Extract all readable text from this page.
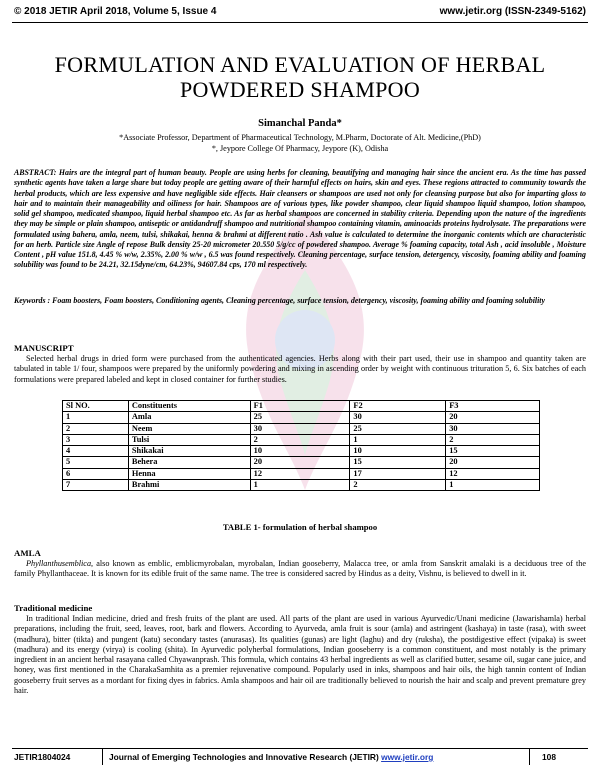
© 2018 JETIR April 2018, Volume 5, Issue 4	www.jetir.org (ISSN-2349-5162)
FORMULATION AND EVALUATION OF HERBAL
POWDERED SHAMPOO
Simanchal Panda*
*Associate Professor, Department of Pharmaceutical Technology, M.Pharm, Doctorate of Alt. Medicine,(PhD)
*, Jeypore College Of Pharmacy, Jeypore (K), Odisha
ABSTRACT: Hairs are the integral part of human beauty. People are using herbs for cleaning, beautifying and managing hair since the ancient era. As the time has passed synthetic agents have taken a large share but today people are getting aware of their harmful effects on hairs, skin and eyes. These regions attracted to community towards the herbal products, which are less expensive and have negligible side effects. Hair cleansers or shampoos are used not only for cleansing purpose but also for imparting gloss to hair and to maintain their manageability and oiliness for hair. Shampoos are of various types, like powder shampoo, clear liquid shampoo liquid shampoo, lotion shampoo, solid gel shampoo, medicated shampoo, liquid herbal shampoo etc. As far as herbal shampoos are concerned in stability criteria. Depending upon the nature of the ingredients they may be simple or plain shampoo, antiseptic or antidandruff shampoo and nutritional shampoo containing vitamin, aminoacids proteins hydrolysate. The preparations were formulated using bahera, amla, neem, tulsi, shikakai, henna & brahmi at different ratio . Ash value is calculated to determine the inorganic contents which are characteristic for an herb. Particle size Angle of repose Bulk density 25-20 micrometer 20.550 5/g/cc of powdered shampoo. Average % foaming capacity, total Ash , acid insoluble , Moisture Content , pH value 151.8, 4.45 % w/w, 2.35%, 2.00 % w/w , 6.5 was found respectively. Cleaning percentage, surface tension, detergency, viscosity, foaming ability and foaming solubility was found to be 24.21, 32.15dyne/cm, 64.23%, 94607.84 cps, 170 ml respectively.
Keywords : Foam boosters, Foam boosters, Conditioning agents, Cleaning percentage, surface tension, detergency, viscosity, foaming ability and foaming solubility
MANUSCRIPT
Selected herbal drugs in dried form were purchased from the authenticated agencies. Herbs along with their part used, their use in shampoo and quantity taken are tabulated in table 1/ four, shampoos were prepared by the uniformly powdering and mixing in ascending order by weight with continuous trituration 5, 6. Six batches of each formulations were prepared labeled and kept in closed container for further studies.
Sl NO.	Constituents	F1	F2	F3
1	Amla	25	30	20
2	Neem	30	25	30
3	Tulsi	2	1	2
4	Shikakai	10	10	15
5	Behera	20	15	20
6	Henna	12	17	12
7	Brahmi	1	2	1
TABLE 1- formulation of herbal shampoo
AMLA
Phyllanthusemblica, also known as emblic, emblicmyrobalan, myrobalan, Indian gooseberry, Malacca tree, or amla from Sanskrit amalaki is a deciduous tree of the family Phyllanthaceae. It is known for its edible fruit of the same name. The tree is considered sacred by Hindus as a deity, Vishnu, is believed to dwell in it.
Traditional medicine
In traditional Indian medicine, dried and fresh fruits of the plant are used. All parts of the plant are used in various Ayurvedic/Unani medicine (Jawarishamla) herbal preparations, including the fruit, seed, leaves, root, bark and flowers. According to Ayurveda, amla fruit is sour (amla) and astringent (kashaya) in taste (rasa), with sweet (madhura), bitter (tikta) and pungent (katu) secondary tastes (anurasas). Its qualities (gunas) are light (laghu) and dry (ruksha), the postdigestive effect (vipaka) is sweet (madhura) and its energy (virya) is cooling (shita). In Ayurvedic polyherbal formulations, Indian gooseberry is a common constituent, and most notably is the primary ingredient in an ancient herbal rasayana called Chyawanprash. This formula, which contains 43 herbal ingredients as well as clarified butter, sesame oil, sugar cane juice, and honey, was first mentioned in the CharakaSamhita as a premier rejuvenative compound. Popularly used in inks, shampoos and hair oils, the high tannin content of Indian gooseberry fruit serves as a mordant for fixing dyes in fabrics. Amla shampoos and hair oil are traditionally believed to nourish the hair and scalp and prevent premature grey hair.
JETIR1804024	Journal of Emerging Technologies and Innovative Research (JETIR) www.jetir.org	108
